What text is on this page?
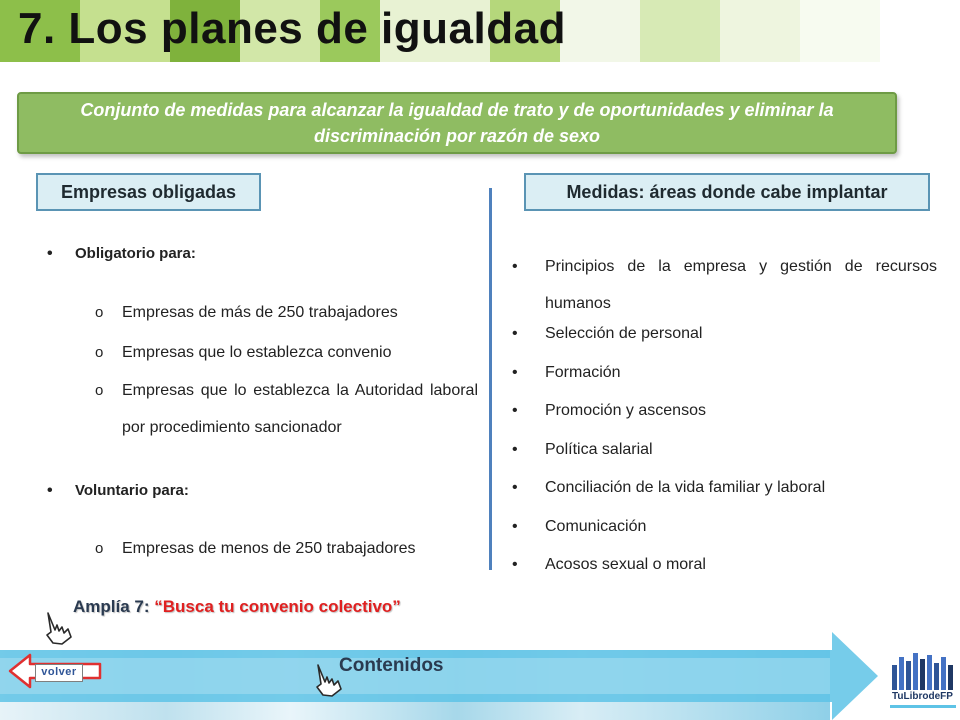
7. Los planes de igualdad
Conjunto de medidas para alcanzar la igualdad de trato y de oportunidades y eliminar la discriminación por razón de sexo
Empresas obligadas	Medidas: áreas donde cabe implantar
• Obligatorio para:
o Empresas de más de 250 trabajadores
o Empresas que lo establezca convenio
o Empresas que lo establezca la Autoridad laboral por procedimiento sancionador
• Voluntario para:
o Empresas de menos de 250 trabajadores
• Principios de la empresa y gestión de recursos humanos
• Selección de personal
• Formación
• Promoción y ascensos
• Política salarial
• Conciliación de la vida familiar y laboral
• Comunicación
• Acosos sexual o moral
Amplía 7: “Busca tu convenio colectivo”
volver	Contenidos
TuLibrodeFP
